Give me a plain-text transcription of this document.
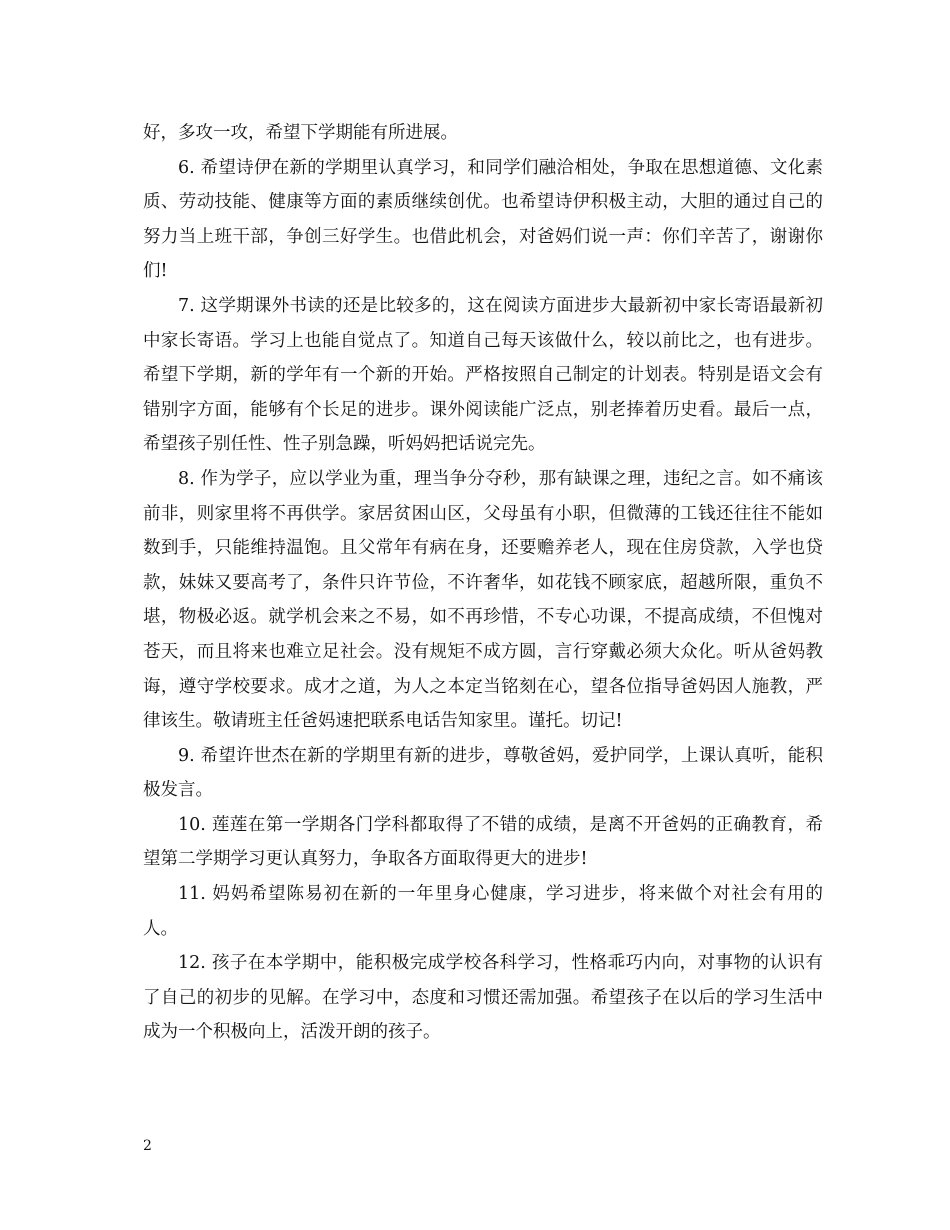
好，多攻一攻，希望下学期能有所进展。

6. 希望诗伊在新的学期里认真学习，和同学们融洽相处，争取在思想道德、文化素质、劳动技能、健康等方面的素质继续创优。也希望诗伊积极主动，大胆的通过自己的努力当上班干部，争创三好学生。也借此机会，对爸妈们说一声：你们辛苦了，谢谢你们!

7. 这学期课外书读的还是比较多的，这在阅读方面进步大最新初中家长寄语最新初中家长寄语。学习上也能自觉点了。知道自己每天该做什么，较以前比之，也有进步。希望下学期，新的学年有一个新的开始。严格按照自己制定的计划表。特别是语文会有错别字方面，能够有个长足的进步。课外阅读能广泛点，别老捧着历史看。最后一点，希望孩子别任性、性子别急躁，听妈妈把话说完先。

8. 作为学子，应以学业为重，理当争分夺秒，那有缺课之理，违纪之言。如不痛该前非，则家里将不再供学。家居贫困山区，父母虽有小职，但微薄的工钱还往往不能如数到手，只能维持温饱。且父常年有病在身，还要赡养老人，现在住房贷款，入学也贷款，妹妹又要高考了，条件只许节俭，不许奢华，如花钱不顾家底，超越所限，重负不堪，物极必返。就学机会来之不易，如不再珍惜，不专心功课，不提高成绩，不但愧对苍天，而且将来也难立足社会。没有规矩不成方圆，言行穿戴必须大众化。听从爸妈教诲，遵守学校要求。成才之道，为人之本定当铭刻在心，望各位指导爸妈因人施教，严律该生。敬请班主任爸妈速把联系电话告知家里。谨托。切记!

9. 希望许世杰在新的学期里有新的进步，尊敬爸妈，爱护同学，上课认真听，能积极发言。

10. 莲莲在第一学期各门学科都取得了不错的成绩，是离不开爸妈的正确教育，希望第二学期学习更认真努力，争取各方面取得更大的进步!

11. 妈妈希望陈易初在新的一年里身心健康，学习进步，将来做个对社会有用的人。

12. 孩子在本学期中，能积极完成学校各科学习，性格乖巧内向，对事物的认识有了自己的初步的见解。在学习中，态度和习惯还需加强。希望孩子在以后的学习生活中成为一个积极向上，活泼开朗的孩子。

2
